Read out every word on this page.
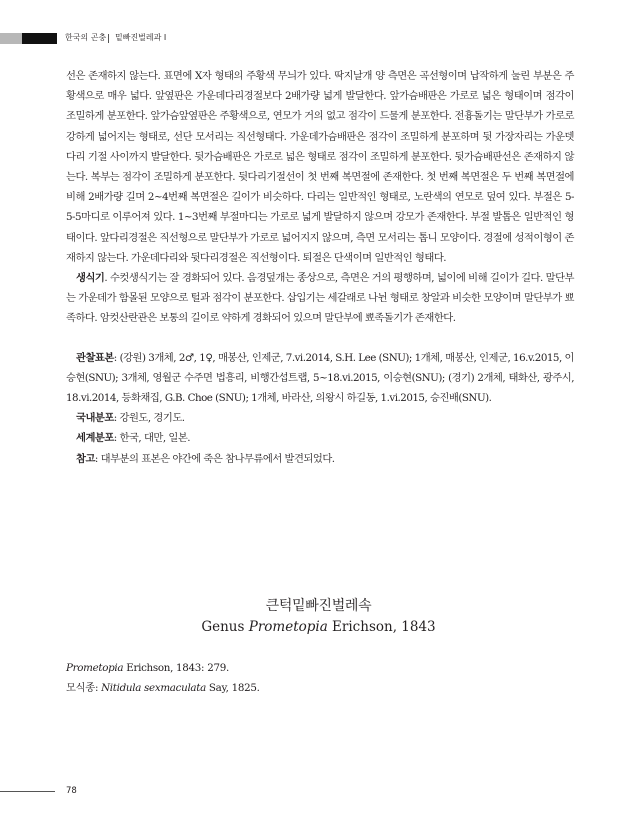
한국의 곤충 밑빠진벌레과 I

선은 존재하지 않는다. 표면에 X자 형태의 주황색 무늬가 있다. 딱지날개 양 측면은 곡선형이며 납작하게 눌린 부분은 주황색으로 매우 넓다. 앞옆판은 가운데다리경절보다 2배가량 넓게 발달한다. 앞가슴배판은 가로로 넓은 형태이며 점각이 조밀하게 분포한다. 앞가슴앞옆판은 주황색으로, 연모가 거의 없고 점각이 드물게 분포한다. 전흉돌기는 말단부가 가로로 강하게 넓어지는 형태로, 선단 모서리는 직선형태다. 가운데가슴배판은 점각이 조밀하게 분포하며 뒷 가장자리는 가운뎃다리 기절 사이까지 발달한다. 뒷가슴배판은 가로로 넓은 형태로 점각이 조밀하게 분포한다. 뒷가슴배판선은 존재하지 않는다. 복부는 점각이 조밀하게 분포한다. 뒷다리기절선이 첫 번째 복면절에 존재한다. 첫 번째 복면절은 두 번째 복면절에 비해 2배가량 길며 2~4번째 복면절은 길이가 비슷하다. 다리는 일반적인 형태로, 노란색의 연모로 덮여 있다. 부절은 5-5-5마디로 이루어져 있다. 1~3번째 부절마디는 가로로 넓게 발달하지 않으며 강모가 존재한다. 부절 발톱은 일반적인 형태이다. 앞다리경절은 직선형으로 말단부가 가로로 넓어지지 않으며, 측면 모서리는 톱니 모양이다. 경절에 성적이형이 존재하지 않는다. 가운데다리와 뒷다리경절은 직선형이다. 퇴절은 단색이며 일반적인 형태다.

생식기. 수컷생식기는 잘 경화되어 있다. 음경덮개는 종상으로, 측면은 거의 평행하며, 넓이에 비해 길이가 길다. 말단부는 가운데가 함몰된 모양으로 털과 점각이 분포한다. 삽입기는 세갈래로 나뉜 형태로 창알과 비슷한 모양이며 말단부가 뾰족하다. 암컷산란관은 보통의 길이로 약하게 경화되어 있으며 말단부에 뾰족돌기가 존재한다.

관찰표본: (강원) 3개체, 2♂, 1♀, 매봉산, 인제군, 7.vi.2014, S.H. Lee (SNU); 1개체, 매봉산, 인제군, 16.v.2015, 이승현(SNU); 3개체, 영월군 수주면 법흥리, 비행간섭트랩, 5~18.vi.2015, 이승현(SNU); (경기) 2개체, 태화산, 광주시, 18.vi.2014, 등화채집, G.B. Choe (SNU); 1개체, 바라산, 의왕시 하길동, 1.vi.2015, 승진배(SNU).

국내분포: 강원도, 경기도.

세계분포: 한국, 대만, 일본.

참고: 대부분의 표본은 야간에 죽은 참나무류에서 발견되었다.

큰턱밑빠진벌레속
Genus Prometopia Erichson, 1843

Prometopia Erichson, 1843: 279.

모식종: Nitidula sexmaculata Say, 1825.

78
